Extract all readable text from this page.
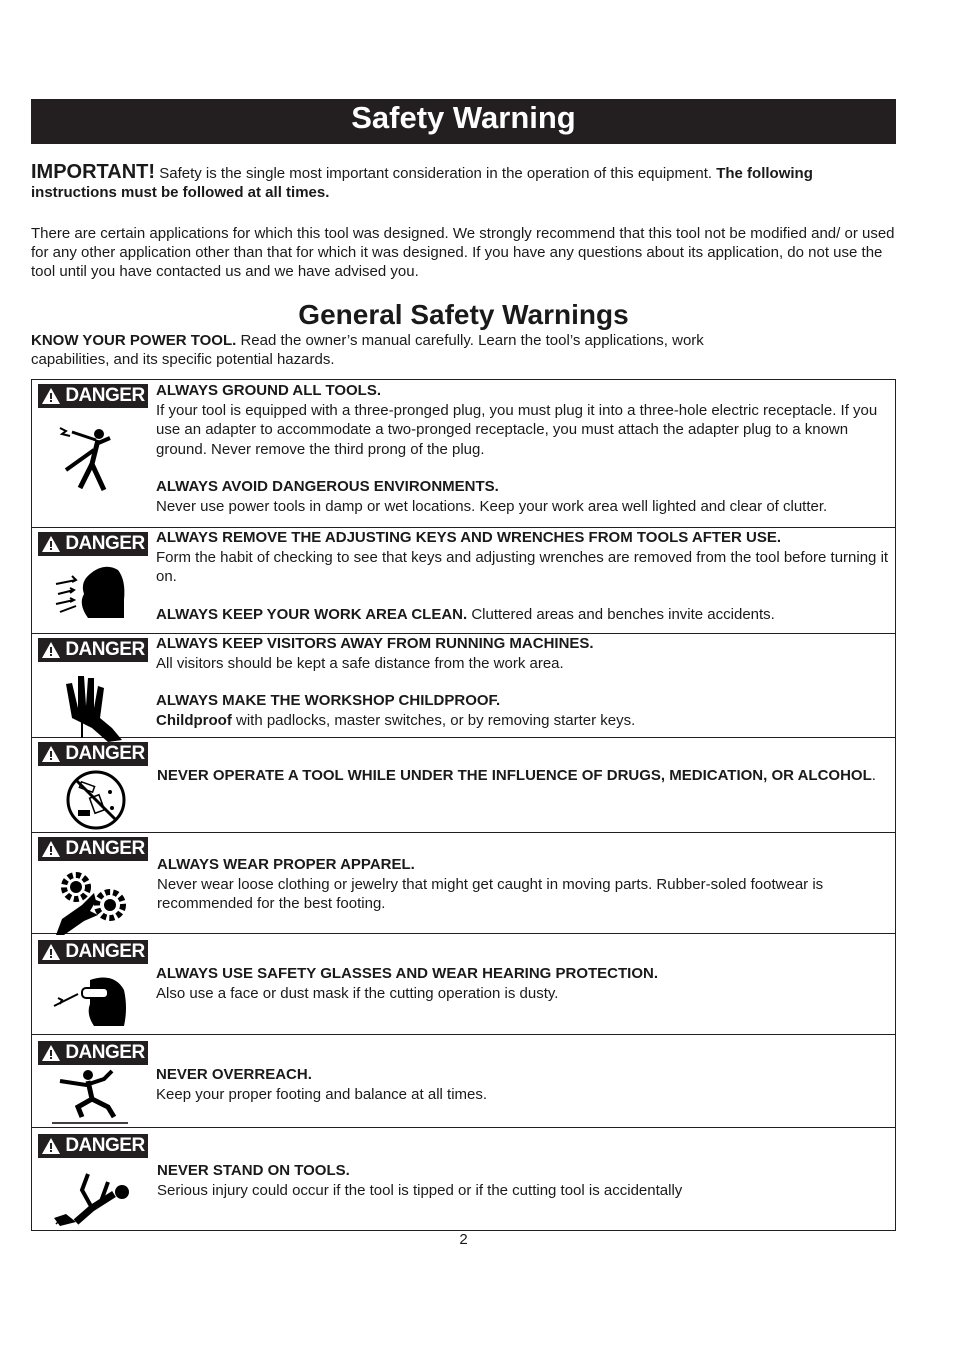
Safety Warning

IMPORTANT! Safety is the single most important consideration in the operation of this equipment. The following instructions must be followed at all times.

There are certain applications for which this tool was designed. We strongly recommend that this tool not be modified and/ or used for any other application other than that for which it was designed. If you have any questions about its application, do not use the tool until you have contacted us and we have advised you.

General Safety Warnings

KNOW YOUR POWER TOOL. Read the owner’s manual carefully. Learn the tool’s applications, work capabilities, and its specific potential hazards.

DANGER ALWAYS GROUND ALL TOOLS.

If your tool is equipped with a three-pronged plug, you must plug it into a three-hole electric receptacle. If you use an adapter to accommodate a two-pronged receptacle, you must attach the adapter plug to a known ground. Never remove the third prong of the plug.

ALWAYS AVOID DANGEROUS ENVIRONMENTS.

Never use power tools in damp or wet locations. Keep your work area well lighted and clear of clutter.

DANGER ALWAYS REMOVE THE ADJUSTING KEYS AND WRENCHES FROM TOOLS AFTER USE.

Form the habit of checking to see that keys and adjusting wrenches are removed from the tool before turning it on.

ALWAYS KEEP YOUR WORK AREA CLEAN. Cluttered areas and benches invite accidents.

DANGER ALWAYS KEEP VISITORS AWAY FROM RUNNING MACHINES.

All visitors should be kept a safe distance from the work area.

ALWAYS MAKE THE WORKSHOP CHILDPROOF.

Childproof with padlocks, master switches, or by removing starter keys.

DANGER

NEVER OPERATE A TOOL WHILE UNDER THE INFLUENCE OF DRUGS, MEDICATION, OR ALCOHOL.

DANGER

ALWAYS WEAR PROPER APPAREL.

Never wear loose clothing or jewelry that might get caught in moving parts. Rubber-soled footwear is recommended for the best footing.

DANGER

ALWAYS USE SAFETY GLASSES AND WEAR HEARING PROTECTION.

Also use a face or dust mask if the cutting operation is dusty.

DANGER

NEVER OVERREACH.

Keep your proper footing and balance at all times.

DANGER

NEVER STAND ON TOOLS.

Serious injury could occur if the tool is tipped or if the cutting tool is accidentally

2
